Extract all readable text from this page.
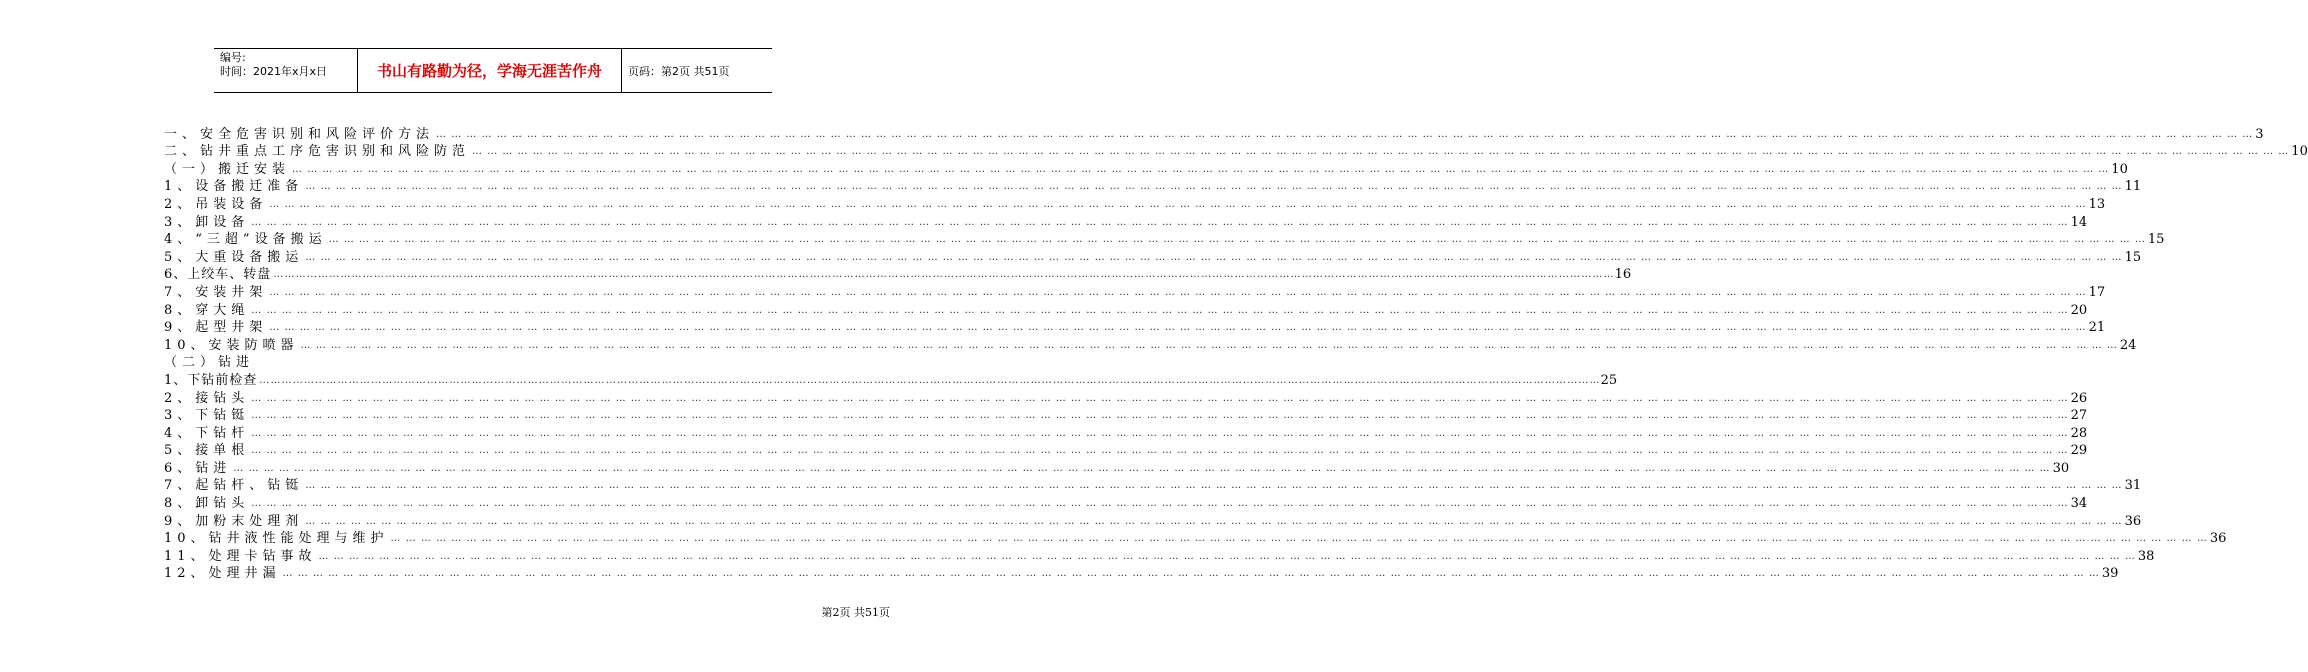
编号:
时间：2021年x月x日	书山有路勤为径，学海无涯苦作舟	页码：第2页 共51页
一、安全危害识别和风险评价方法 … … … … … … … … … … … … … … … … … … … … … … … … … … … … … … … … … … … … … … … … … … … … … … … … … … … … … … … … … … … … … … … … … … … … … … … … … … … … … … … … … … … … … … … … … … … … … … … … … … … … … … … … … … … … … … … … … … … … … … … … 3
二、钻井重点工序危害识别和风险防范 … … … … … … … … … … … … … … … … … … … … … … … … … … … … … … … … … … … … … … … … … … … … … … … … … … … … … … … … … … … … … … … … … … … … … … … … … … … … … … … … … … … … … … … … … … … … … … … … … … … … … … … … … … … … … … … … … … … … … … … … 10
（一）搬迁安装 … … … … … … … … … … … … … … … … … … … … … … … … … … … … … … … … … … … … … … … … … … … … … … … … … … … … … … … … … … … … … … … … … … … … … … … … … … … … … … … … … … … … … … … … … … … … … … … … … … … … … … … … … … … … … … … … … … … … … … … … 10
1、设备搬迁准备 … … … … … … … … … … … … … … … … … … … … … … … … … … … … … … … … … … … … … … … … … … … … … … … … … … … … … … … … … … … … … … … … … … … … … … … … … … … … … … … … … … … … … … … … … … … … … … … … … … … … … … … … … … … … … … … … … … … … … … … … 11
2、吊装设备 … … … … … … … … … … … … … … … … … … … … … … … … … … … … … … … … … … … … … … … … … … … … … … … … … … … … … … … … … … … … … … … … … … … … … … … … … … … … … … … … … … … … … … … … … … … … … … … … … … … … … … … … … … … … … … … … … … … … … … … … 13
3、卸设备 … … … … … … … … … … … … … … … … … … … … … … … … … … … … … … … … … … … … … … … … … … … … … … … … … … … … … … … … … … … … … … … … … … … … … … … … … … … … … … … … … … … … … … … … … … … … … … … … … … … … … … … … … … … … … … … … … … … … … … … … 14
4、“三超”设备搬运 … … … … … … … … … … … … … … … … … … … … … … … … … … … … … … … … … … … … … … … … … … … … … … … … … … … … … … … … … … … … … … … … … … … … … … … … … … … … … … … … … … … … … … … … … … … … … … … … … … … … … … … … … … … … … … … … … … … … … … … … 15
5、大重设备搬运 … … … … … … … … … … … … … … … … … … … … … … … … … … … … … … … … … … … … … … … … … … … … … … … … … … … … … … … … … … … … … … … … … … … … … … … … … … … … … … … … … … … … … … … … … … … … … … … … … … … … … … … … … … … … … … … … … … … … … … … … 15
6、上绞车、转盘 … … … … … … … … … … … … … … … … … … … … … … … … … … … … … … … … … … … … … … … … … … … … … … … … … … … … … … … … … … … … … … … … … … … … … … … … … … … … … … … … … … … … … … … … … … … … … … … … … … … … … … … … … … … … … … … … … … … … … … … … 16
7、安装井架 … … … … … … … … … … … … … … … … … … … … … … … … … … … … … … … … … … … … … … … … … … … … … … … … … … … … … … … … … … … … … … … … … … … … … … … … … … … … … … … … … … … … … … … … … … … … … … … … … … … … … … … … … … … … … … … … … … … … … … … … 17
8、穿大绳 … … … … … … … … … … … … … … … … … … … … … … … … … … … … … … … … … … … … … … … … … … … … … … … … … … … … … … … … … … … … … … … … … … … … … … … … … … … … … … … … … … … … … … … … … … … … … … … … … … … … … … … … … … … … … … … … … … … … … … … … 20
9、起型井架 … … … … … … … … … … … … … … … … … … … … … … … … … … … … … … … … … … … … … … … … … … … … … … … … … … … … … … … … … … … … … … … … … … … … … … … … … … … … … … … … … … … … … … … … … … … … … … … … … … … … … … … … … … … … … … … … … … … … … … … … 21
10、安装防喷器 … … … … … … … … … … … … … … … … … … … … … … … … … … … … … … … … … … … … … … … … … … … … … … … … … … … … … … … … … … … … … … … … … … … … … … … … … … … … … … … … … … … … … … … … … … … … … … … … … … … … … … … … … … … … … … … … … … … … … … … … 24
（二）钻进
1、下钻前检查 … … … … … … … … … … … … … … … … … … … … … … … … … … … … … … … … … … … … … … … … … … … … … … … … … … … … … … … … … … … … … … … … … … … … … … … … … … … … … … … … … … … … … … … … … … … … … … … … … … … … … … … … … … … … … … … … … … … … … … … … 25
2、接钻头 … … … … … … … … … … … … … … … … … … … … … … … … … … … … … … … … … … … … … … … … … … … … … … … … … … … … … … … … … … … … … … … … … … … … … … … … … … … … … … … … … … … … … … … … … … … … … … … … … … … … … … … … … … … … … … … … … … … … … … … … 26
3、下钻铤 … … … … … … … … … … … … … … … … … … … … … … … … … … … … … … … … … … … … … … … … … … … … … … … … … … … … … … … … … … … … … … … … … … … … … … … … … … … … … … … … … … … … … … … … … … … … … … … … … … … … … … … … … … … … … … … … … … … … … … … … 27
4、下钻杆 … … … … … … … … … … … … … … … … … … … … … … … … … … … … … … … … … … … … … … … … … … … … … … … … … … … … … … … … … … … … … … … … … … … … … … … … … … … … … … … … … … … … … … … … … … … … … … … … … … … … … … … … … … … … … … … … … … … … … … … … 28
5、接单根 … … … … … … … … … … … … … … … … … … … … … … … … … … … … … … … … … … … … … … … … … … … … … … … … … … … … … … … … … … … … … … … … … … … … … … … … … … … … … … … … … … … … … … … … … … … … … … … … … … … … … … … … … … … … … … … … … … … … … … … … 29
6、钻进 … … … … … … … … … … … … … … … … … … … … … … … … … … … … … … … … … … … … … … … … … … … … … … … … … … … … … … … … … … … … … … … … … … … … … … … … … … … … … … … … … … … … … … … … … … … … … … … … … … … … … … … … … … … … … … … … … … … … … … … … 30
7、起钻杆、钻铤 … … … … … … … … … … … … … … … … … … … … … … … … … … … … … … … … … … … … … … … … … … … … … … … … … … … … … … … … … … … … … … … … … … … … … … … … … … … … … … … … … … … … … … … … … … … … … … … … … … … … … … … … … … … … … … … … … … … … … … … … 31
8、卸钻头 … … … … … … … … … … … … … … … … … … … … … … … … … … … … … … … … … … … … … … … … … … … … … … … … … … … … … … … … … … … … … … … … … … … … … … … … … … … … … … … … … … … … … … … … … … … … … … … … … … … … … … … … … … … … … … … … … … … … … … … … 34
9、加粉末处理剂 … … … … … … … … … … … … … … … … … … … … … … … … … … … … … … … … … … … … … … … … … … … … … … … … … … … … … … … … … … … … … … … … … … … … … … … … … … … … … … … … … … … … … … … … … … … … … … … … … … … … … … … … … … … … … … … … … … … … … … … … 36
10、钻井液性能处理与维护 … … … … … … … … … … … … … … … … … … … … … … … … … … … … … … … … … … … … … … … … … … … … … … … … … … … … … … … … … … … … … … … … … … … … … … … … … … … … … … … … … … … … … … … … … … … … … … … … … … … … … … … … … … … … … … … … … … … … … … … … 36
11、处理卡钻事故 … … … … … … … … … … … … … … … … … … … … … … … … … … … … … … … … … … … … … … … … … … … … … … … … … … … … … … … … … … … … … … … … … … … … … … … … … … … … … … … … … … … … … … … … … … … … … … … … … … … … … … … … … … … … … … … … … … … … … … … … 38
12、处理井漏 … … … … … … … … … … … … … … … … … … … … … … … … … … … … … … … … … … … … … … … … … … … … … … … … … … … … … … … … … … … … … … … … … … … … … … … … … … … … … … … … … … … … … … … … … … … … … … … … … … … … … … … … … … … … … … … … … … … … … … … … 39
第2页 共51页
